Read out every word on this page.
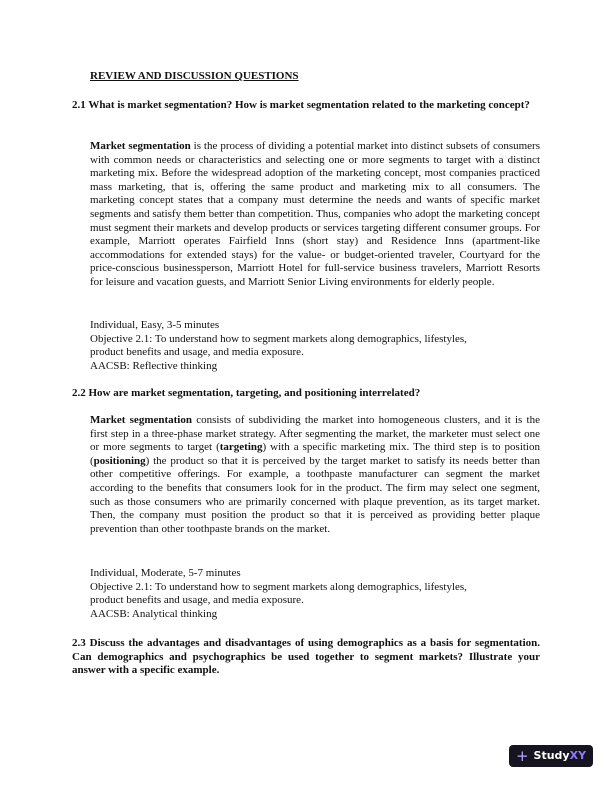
REVIEW AND DISCUSSION QUESTIONS
2.1 What is market segmentation? How is market segmentation related to the marketing concept?
Market segmentation is the process of dividing a potential market into distinct subsets of consumers with common needs or characteristics and selecting one or more segments to target with a distinct marketing mix. Before the widespread adoption of the marketing concept, most companies practiced mass marketing, that is, offering the same product and marketing mix to all consumers. The marketing concept states that a company must determine the needs and wants of specific market segments and satisfy them better than competition. Thus, companies who adopt the marketing concept must segment their markets and develop products or services targeting different consumer groups. For example, Marriott operates Fairfield Inns (short stay) and Residence Inns (apartment-like accommodations for extended stays) for the value- or budget-oriented traveler, Courtyard for the price-conscious businessperson, Marriott Hotel for full-service business travelers, Marriott Resorts for leisure and vacation guests, and Marriott Senior Living environments for elderly people.
Individual, Easy, 3-5 minutes
Objective 2.1: To understand how to segment markets along demographics, lifestyles,
product benefits and usage, and media exposure.
AACSB: Reflective thinking
2.2 How are market segmentation, targeting, and positioning interrelated?
Market segmentation consists of subdividing the market into homogeneous clusters, and it is the first step in a three-phase market strategy. After segmenting the market, the marketer must select one or more segments to target (targeting) with a specific marketing mix. The third step is to position (positioning) the product so that it is perceived by the target market to satisfy its needs better than other competitive offerings. For example, a toothpaste manufacturer can segment the market according to the benefits that consumers look for in the product. The firm may select one segment, such as those consumers who are primarily concerned with plaque prevention, as its target market. Then, the company must position the product so that it is perceived as providing better plaque prevention than other toothpaste brands on the market.
Individual, Moderate, 5-7 minutes
Objective 2.1: To understand how to segment markets along demographics, lifestyles,
product benefits and usage, and media exposure.
AACSB: Analytical thinking
2.3 Discuss the advantages and disadvantages of using demographics as a basis for segmentation. Can demographics and psychographics be used together to segment markets? Illustrate your answer with a specific example.
+ StudyXY
